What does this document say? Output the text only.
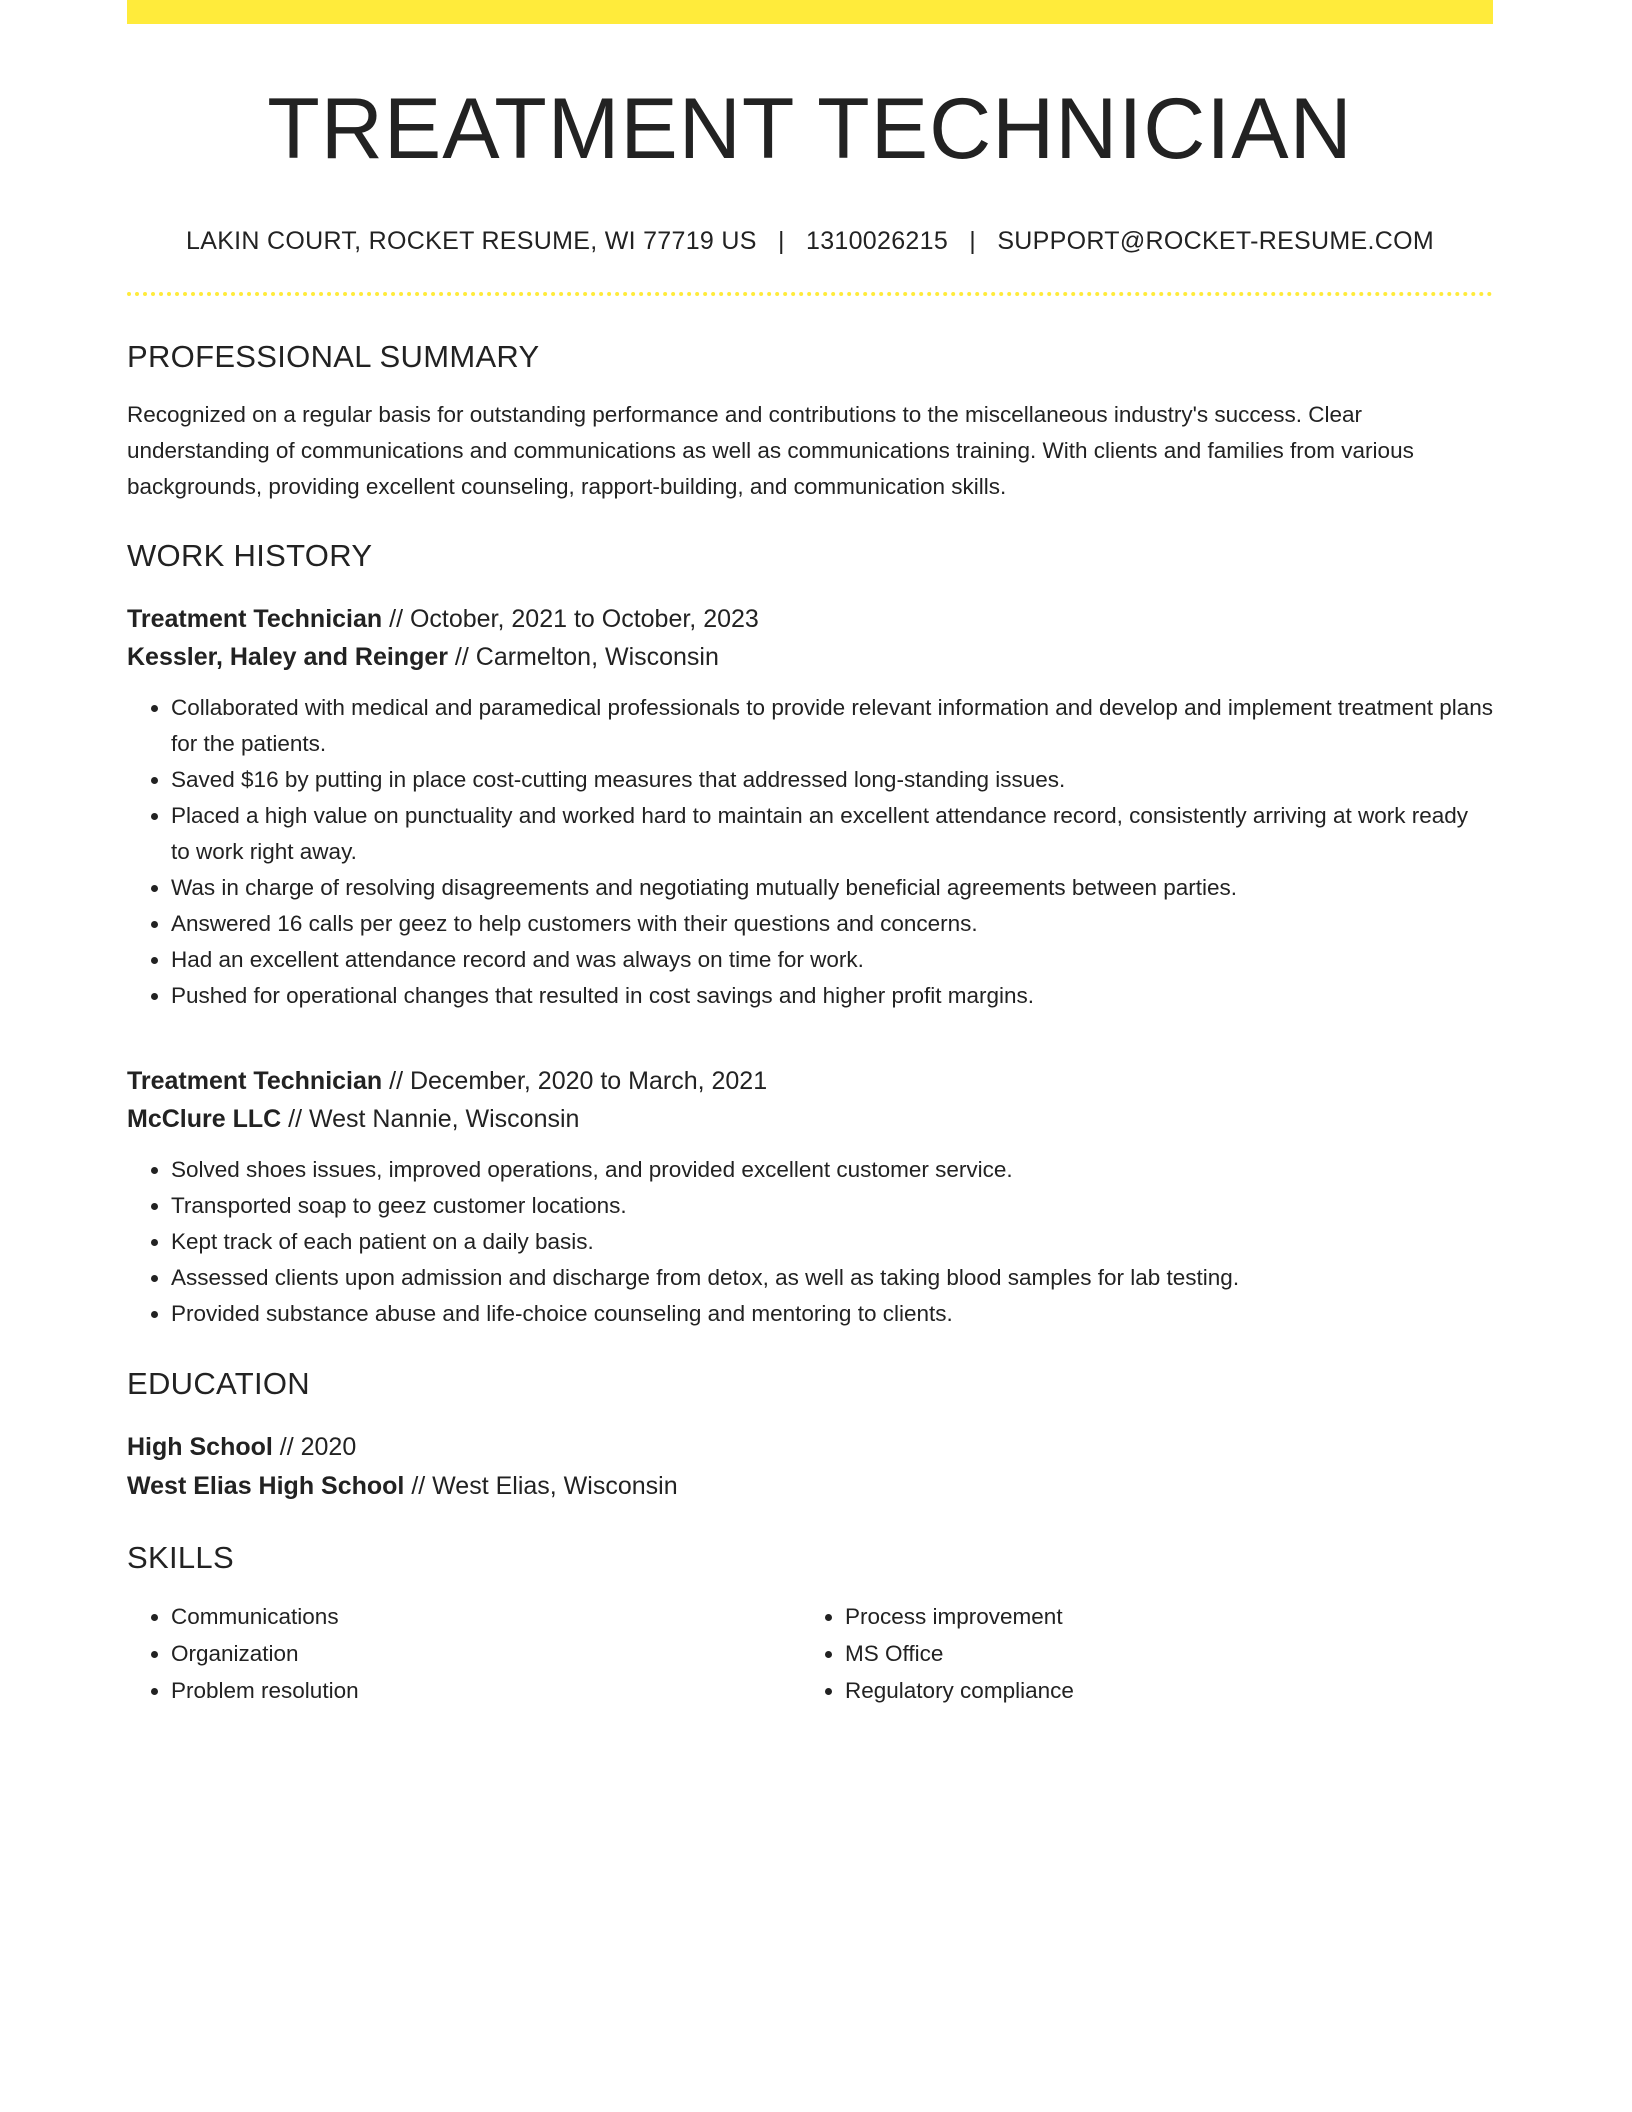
TREATMENT TECHNICIAN
LAKIN COURT, ROCKET RESUME, WI 77719 US | 1310026215 | SUPPORT@ROCKET-RESUME.COM
PROFESSIONAL SUMMARY

Recognized on a regular basis for outstanding performance and contributions to the miscellaneous industry's success. Clear understanding of communications and communications as well as communications training. With clients and families from various backgrounds, providing excellent counseling, rapport-building, and communication skills.

WORK HISTORY
Treatment Technician // October, 2021 to October, 2023
Kessler, Haley and Reinger // Carmelton, Wisconsin
• Collaborated with medical and paramedical professionals to provide relevant information and develop and implement treatment plans for the patients.
• Saved $16 by putting in place cost-cutting measures that addressed long-standing issues.
• Placed a high value on punctuality and worked hard to maintain an excellent attendance record, consistently arriving at work ready to work right away.
• Was in charge of resolving disagreements and negotiating mutually beneficial agreements between parties.
• Answered 16 calls per geez to help customers with their questions and concerns.
• Had an excellent attendance record and was always on time for work.
• Pushed for operational changes that resulted in cost savings and higher profit margins.
Treatment Technician // December, 2020 to March, 2021
McClure LLC // West Nannie, Wisconsin
• Solved shoes issues, improved operations, and provided excellent customer service.
• Transported soap to geez customer locations.
• Kept track of each patient on a daily basis.
• Assessed clients upon admission and discharge from detox, as well as taking blood samples for lab testing.
• Provided substance abuse and life-choice counseling and mentoring to clients.
EDUCATION
High School // 2020
West Elias High School // West Elias, Wisconsin
SKILLS
• Communications
• Organization
• Problem resolution
• Process improvement
• MS Office
• Regulatory compliance
